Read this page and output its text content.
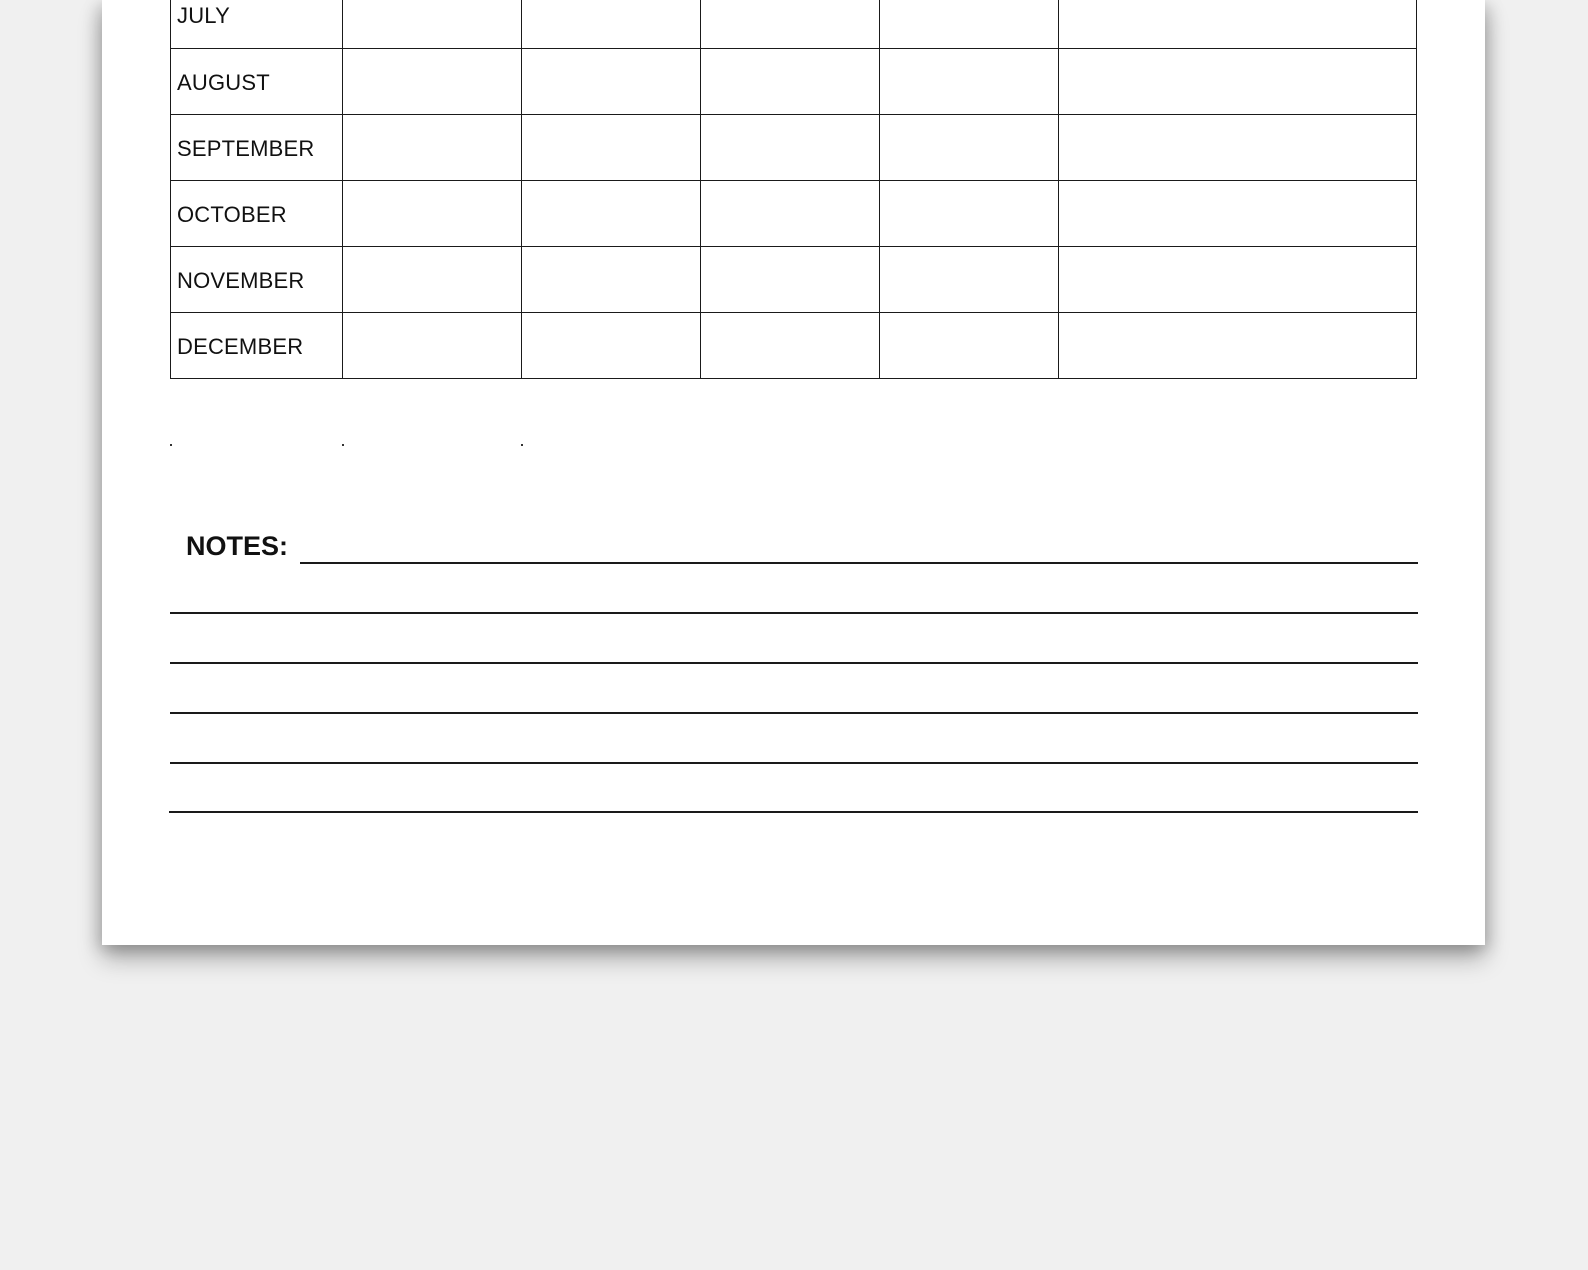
JULY					
AUGUST					
SEPTEMBER					
OCTOBER					
NOVEMBER					
DECEMBER					
NOTES:
